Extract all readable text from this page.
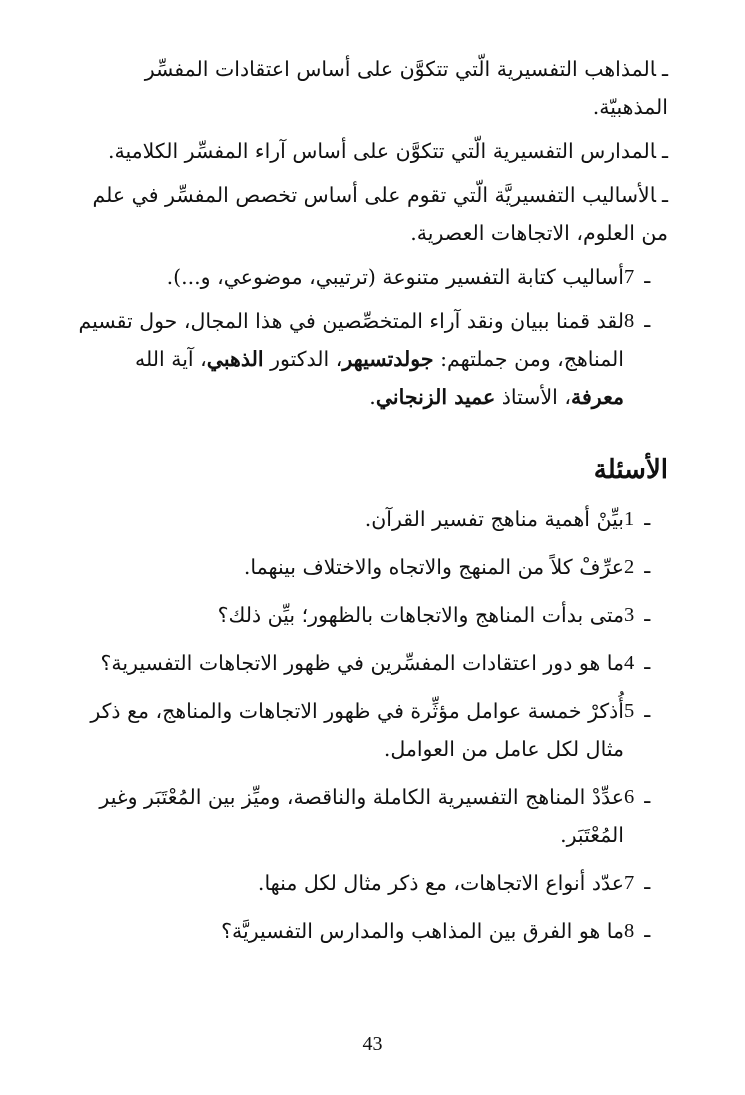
ـالمذاهب التفسيرية الّتي تتكوَّن على أساس اعتقادات المفسِّر المذهبيّة.
ـالمدارس التفسيرية الّتي تتكوَّن على أساس آراء المفسِّر الكلامية.
ـالأساليب التفسيريَّة الّتي تقوم على أساس تخصص المفسِّر في علم من العلوم، الاتجاهات العصرية.
7 ـ
أساليب كتابة التفسير متنوعة (ترتيبي، موضوعي، و...).
8 ـ
لقد قمنا ببيان ونقد آراء المتخصِّصين في هذا المجال، حول تقسيم المناهج، ومن جملتهم: جولدتسيهر، الدكتور الذهبي، آية الله معرفة، الأستاذ عميد الزنجاني.
الأسئلة
1 ـ
بيِّنْ أهمية مناهج تفسير القرآن.
2 ـ
عرِّفْ كلاً من المنهج والاتجاه والاختلاف بينهما.
3 ـ
متى بدأت المناهج والاتجاهات بالظهور؛ بيِّن ذلك؟
4 ـ
ما هو دور اعتقادات المفسِّرين في ظهور الاتجاهات التفسيرية؟
5 ـ
أُذكرْ خمسة عوامل مؤثِّرة في ظهور الاتجاهات والمناهج، مع ذكر مثال لكل عامل من العوامل.
6 ـ
عدِّدْ المناهج التفسيرية الكاملة والناقصة، وميِّز بين المُعْتَبَر وغير المُعْتَبَر.
7 ـ
عدّد أنواع الاتجاهات، مع ذكر مثال لكل منها.
8 ـ
ما هو الفرق بين المذاهب والمدارس التفسيريَّة؟
43
